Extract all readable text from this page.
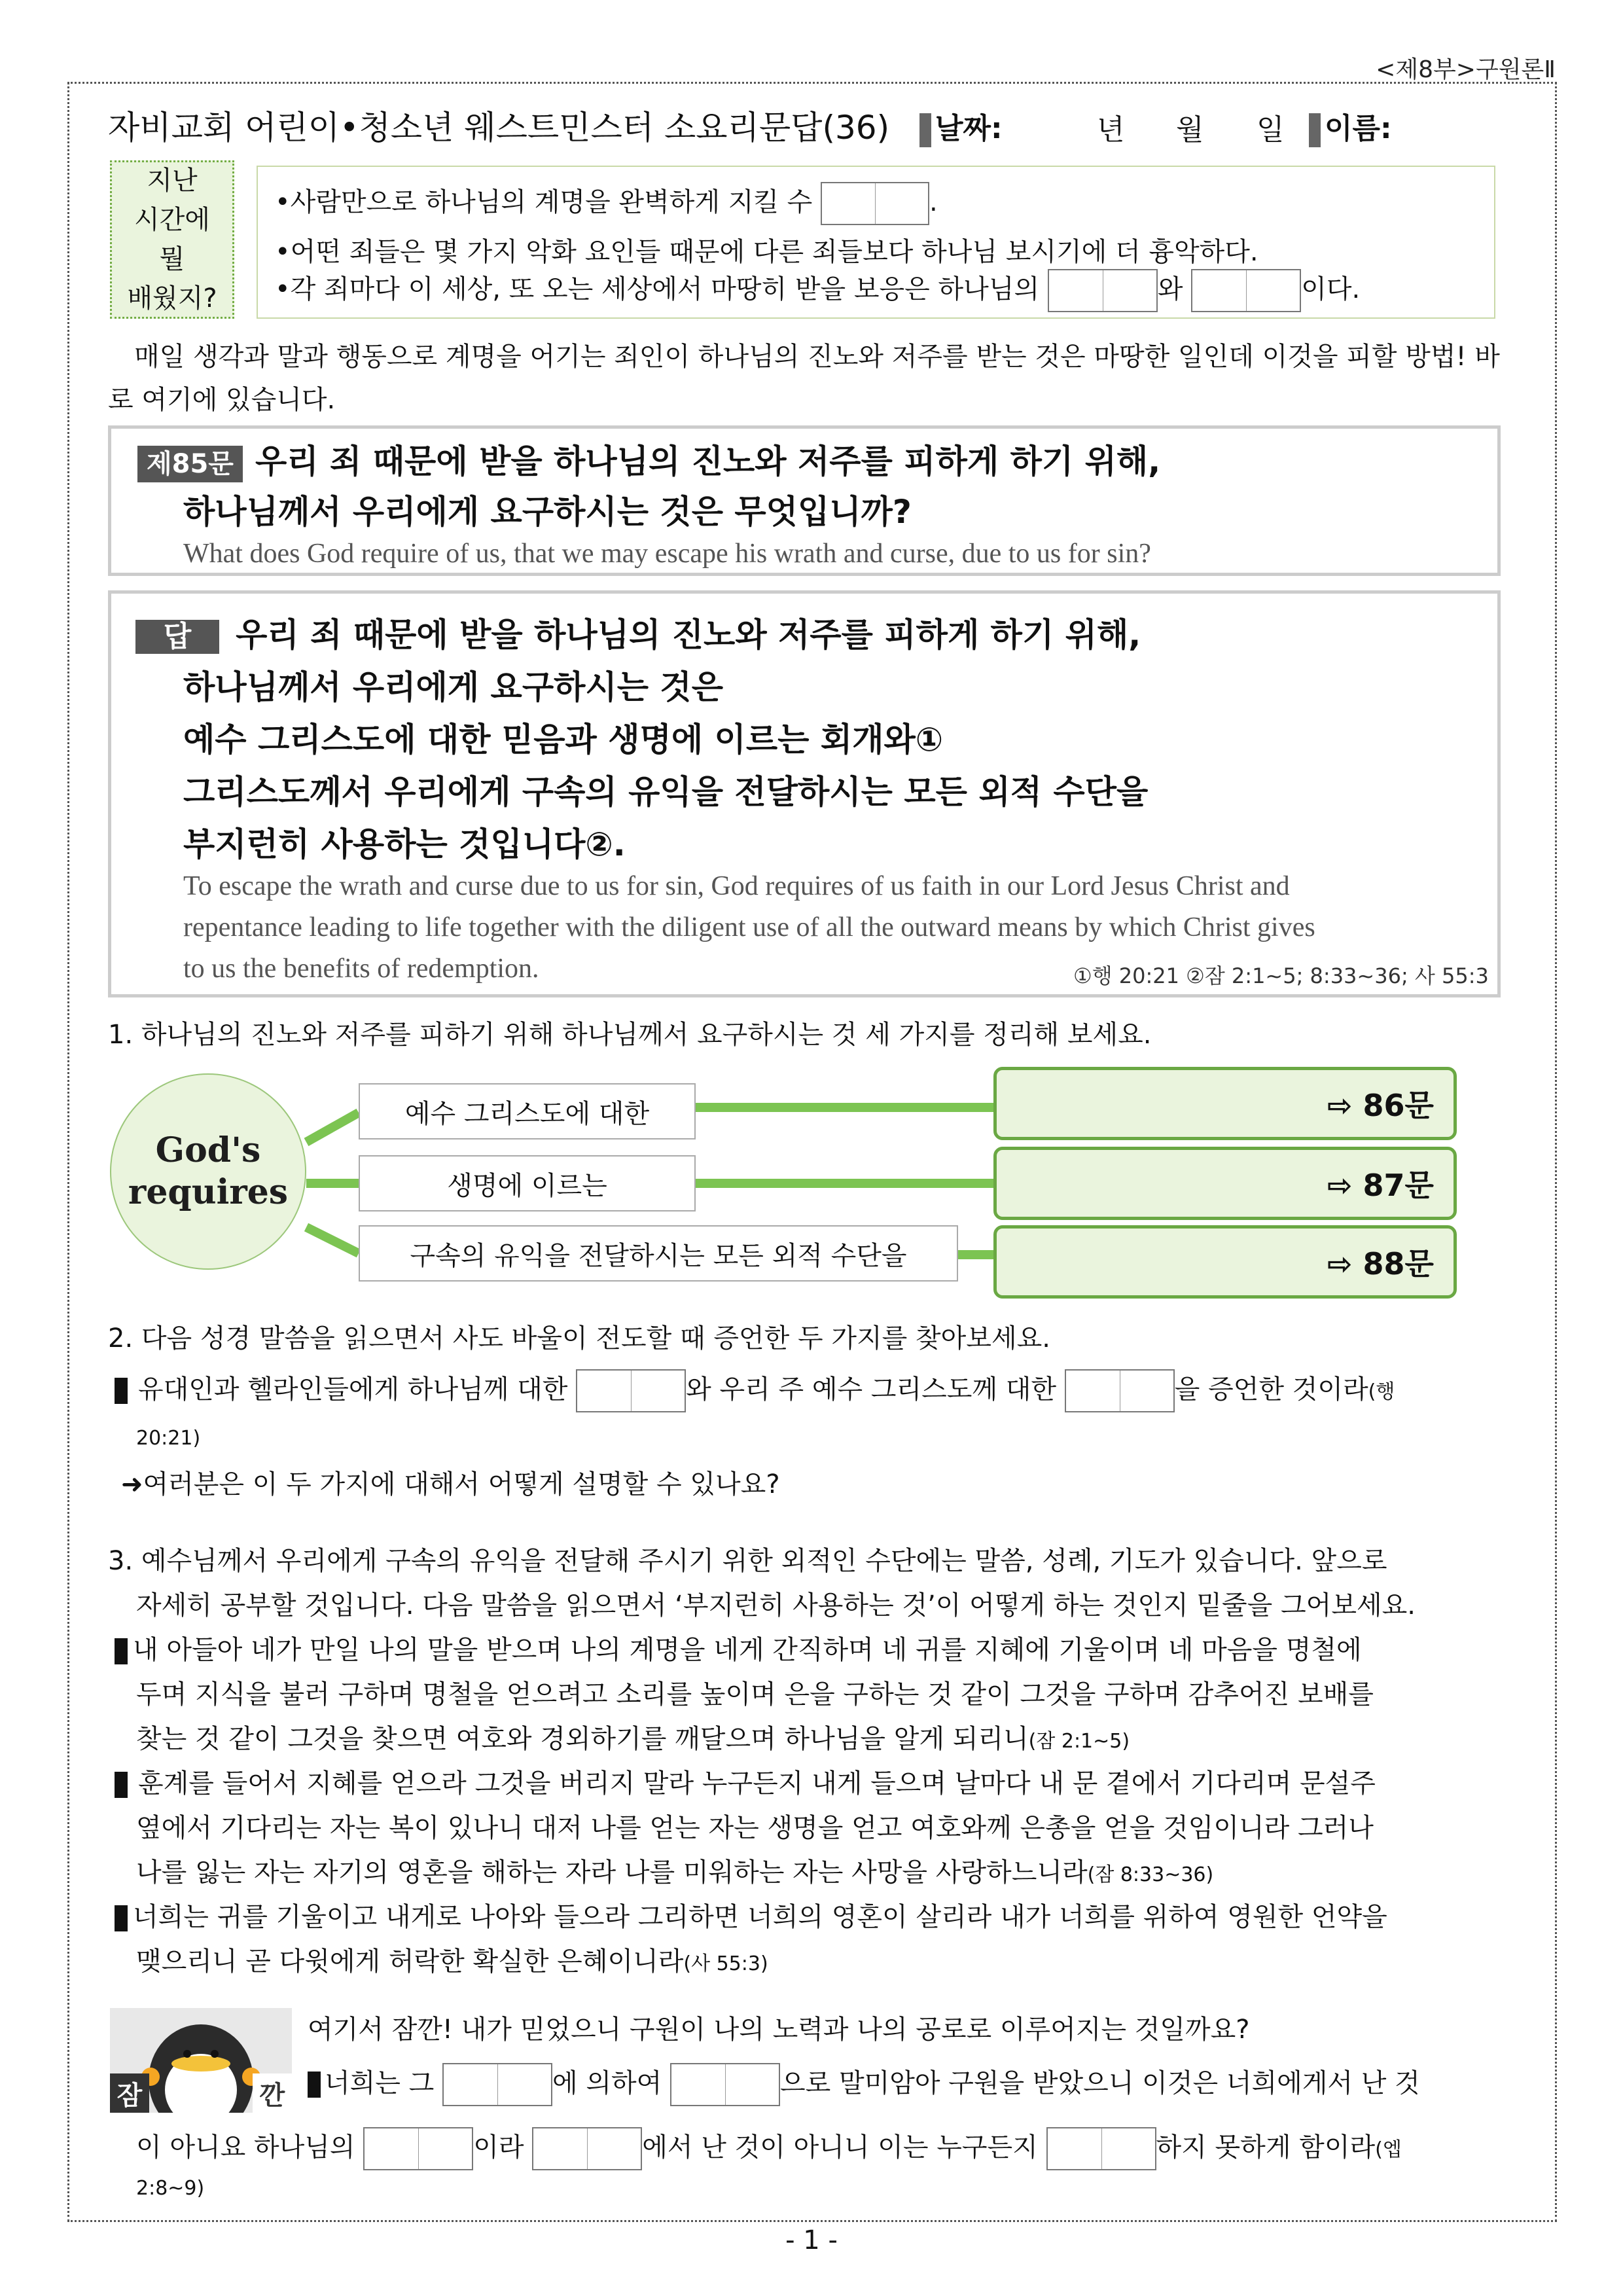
<제8부>구원론Ⅱ
자비교회 어린이•청소년 웨스트민스터 소요리문답(36)	날짜:	년 월 일	이름:
지난
시간에
뭘
배웠지?
•사람만으로 하나님의 계명을 완벽하게 지킬 수	.
•어떤 죄들은 몇 가지 악화 요인들 때문에 다른 죄들보다 하나님 보시기에 더 흉악하다.
•각 죄마다 이 세상, 또 오는 세상에서 마땅히 받을 보응은 하나님의	와	이다.
매일 생각과 말과 행동으로 계명을 어기는 죄인이 하나님의 진노와 저주를 받는 것은 마땅한 일인데 이것을 피할 방법! 바로 여기에 있습니다.
제85문 우리 죄 때문에 받을 하나님의 진노와 저주를 피하게 하기 위해,
하나님께서 우리에게 요구하시는 것은 무엇입니까?
What does God require of us, that we may escape his wrath and curse, due to us for sin?
답 우리 죄 때문에 받을 하나님의 진노와 저주를 피하게 하기 위해,
하나님께서 우리에게 요구하시는 것은
예수 그리스도에 대한 믿음과 생명에 이르는 회개와①
그리스도께서 우리에게 구속의 유익을 전달하시는 모든 외적 수단을
부지런히 사용하는 것입니다②.
To escape the wrath and curse due to us for sin, God requires of us faith in our Lord Jesus Christ and
repentance leading to life together with the diligent use of all the outward means by which Christ gives
to us the benefits of redemption.	①행 20:21 ②잠 2:1~5; 8:33~36; 사 55:3
1. 하나님의 진노와 저주를 피하기 위해 하나님께서 요구하시는 것 세 가지를 정리해 보세요.
God's
requires
예수 그리스도에 대한
생명에 이르는
구속의 유익을 전달하시는 모든 외적 수단을
⇨ 86문
⇨ 87문
⇨ 88문
2. 다음 성경 말씀을 읽으면서 사도 바울이 전도할 때 증언한 두 가지를 찾아보세요.
유대인과 헬라인들에게 하나님께 대한	와 우리 주 예수 그리스도께 대한	을 증언한 것이라(행
20:21)
➜여러분은 이 두 가지에 대해서 어떻게 설명할 수 있나요?
3. 예수님께서 우리에게 구속의 유익을 전달해 주시기 위한 외적인 수단에는 말씀, 성례, 기도가 있습니다. 앞으로
자세히 공부할 것입니다. 다음 말씀을 읽으면서 ‘부지런히 사용하는 것’이 어떻게 하는 것인지 밑줄을 그어보세요.
내 아들아 네가 만일 나의 말을 받으며 나의 계명을 네게 간직하며 네 귀를 지혜에 기울이며 네 마음을 명철에
두며 지식을 불러 구하며 명철을 얻으려고 소리를 높이며 은을 구하는 것 같이 그것을 구하며 감추어진 보배를
찾는 것 같이 그것을 찾으면 여호와 경외하기를 깨달으며 하나님을 알게 되리니(잠 2:1~5)
훈계를 들어서 지혜를 얻으라 그것을 버리지 말라 누구든지 내게 들으며 날마다 내 문 곁에서 기다리며 문설주
옆에서 기다리는 자는 복이 있나니 대저 나를 얻는 자는 생명을 얻고 여호와께 은총을 얻을 것임이니라 그러나
나를 잃는 자는 자기의 영혼을 해하는 자라 나를 미워하는 자는 사망을 사랑하느니라(잠 8:33~36)
너희는 귀를 기울이고 내게로 나아와 들으라 그리하면 너희의 영혼이 살리라 내가 너희를 위하여 영원한 언약을
맺으리니 곧 다윗에게 허락한 확실한 은혜이니라(사 55:3)
잠	깐
여기서 잠깐! 내가 믿었으니 구원이 나의 노력과 나의 공로로 이루어지는 것일까요?
너희는 그	에 의하여	으로 말미암아 구원을 받았으니 이것은 너희에게서 난 것
이 아니요 하나님의	이라	에서 난 것이 아니니 이는 누구든지	하지 못하게 함이라(엡
2:8~9)
- 1 -
